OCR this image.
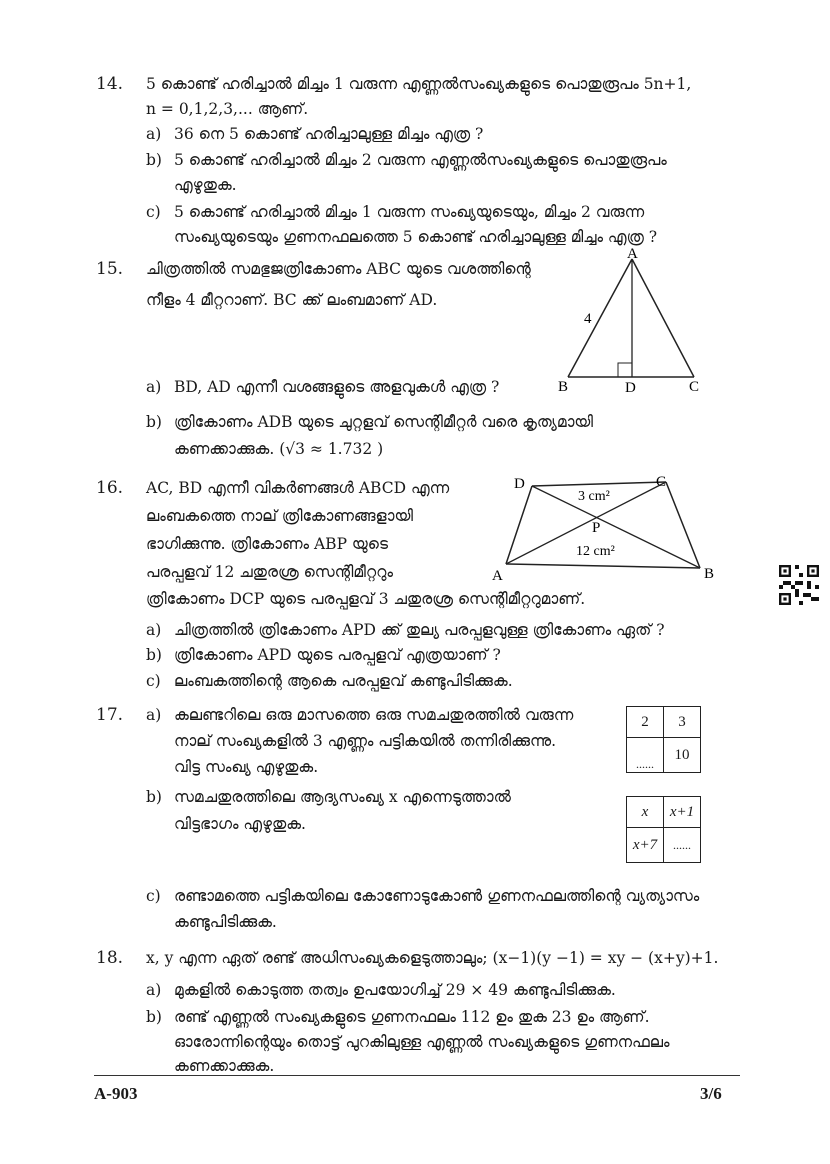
14. 5 കൊണ്ട് ഹരിച്ചാൽ മിച്ചം 1 വരുന്ന എണ്ണൽസംഖ്യകളുടെ പൊതുരൂപം 5n+1,
n = 0,1,2,3,... ആണ്.
a) 36 നെ 5 കൊണ്ട് ഹരിച്ചാലുള്ള മിച്ചം എത്ര ?
b) 5 കൊണ്ട് ഹരിച്ചാൽ മിച്ചം 2 വരുന്ന എണ്ണൽസംഖ്യകളുടെ പൊതുരൂപം
എഴുതുക.
c) 5 കൊണ്ട് ഹരിച്ചാൽ മിച്ചം 1 വരുന്ന സംഖ്യയുടെയും, മിച്ചം 2 വരുന്ന
സംഖ്യയുടെയും ഗുണനഫലത്തെ 5 കൊണ്ട് ഹരിച്ചാലുള്ള മിച്ചം എത്ര ?
15. ചിത്രത്തിൽ സമഭുജത്രികോണം ABC യുടെ വശത്തിന്റെ
നീളം 4 മീറ്ററാണ്. BC ക്ക് ലംബമാണ് AD.
A
B	C
D
4
a) BD, AD എന്നീ വശങ്ങളുടെ അളവുകൾ എത്ര ?
b) ത്രികോണം ADB യുടെ ചുറ്റളവ് സെന്റിമീറ്റർ വരെ കൃത്യമായി
കണക്കാക്കുക. (√3 ≈ 1.732 )
16. AC, BD എന്നീ വികർണങ്ങൾ ABCD എന്ന
ലംബകത്തെ നാല് ത്രികോണങ്ങളായി
ഭാഗിക്കുന്നു. ത്രികോണം ABP യുടെ
പരപ്പളവ് 12 ചതുരശ്ര സെന്റിമീറ്ററും
ത്രികോണം DCP യുടെ പരപ്പളവ് 3 ചതുരശ്ര സെന്റിമീറ്ററുമാണ്.
D	C
A	B
P
3 cm²
12 cm²
a) ചിത്രത്തിൽ ത്രികോണം APD ക്ക് തുല്യ പരപ്പളവുള്ള ത്രികോണം ഏത് ?
b) ത്രികോണം APD യുടെ പരപ്പളവ് എത്രയാണ് ?
c) ലംബകത്തിന്റെ ആകെ പരപ്പളവ് കണ്ടുപിടിക്കുക.
17. a) കലണ്ടറിലെ ഒരു മാസത്തെ ഒരു സമചതുരത്തിൽ വരുന്ന
നാല് സംഖ്യകളിൽ 3 എണ്ണം പട്ടികയിൽ തന്നിരിക്കുന്നു.
വിട്ട സംഖ്യ എഴുതുക.
2	3
......	10
b) സമചതുരത്തിലെ ആദ്യസംഖ്യ x എന്നെടുത്താൽ
വിട്ടഭാഗം എഴുതുക.
x	x+1
x+7	......
c) രണ്ടാമത്തെ പട്ടികയിലെ കോണോടുകോൺ ഗുണനഫലത്തിന്റെ വ്യത്യാസം
കണ്ടുപിടിക്കുക.
18. x, y എന്ന ഏത് രണ്ട് അധിസംഖ്യകളെടുത്താലും; (x−1)(y −1) = xy − (x+y)+1.
a) മുകളിൽ കൊടുത്ത തത്വം ഉപയോഗിച്ച് 29 × 49 കണ്ടുപിടിക്കുക.
b) രണ്ട് എണ്ണൽ സംഖ്യകളുടെ ഗുണനഫലം 112 ഉം തുക 23 ഉം ആണ്.
ഓരോന്നിന്റെയും തൊട്ട് പുറകിലുള്ള എണ്ണൽ സംഖ്യകളുടെ ഗുണനഫലം
കണക്കാക്കുക.
A-903	3/6
